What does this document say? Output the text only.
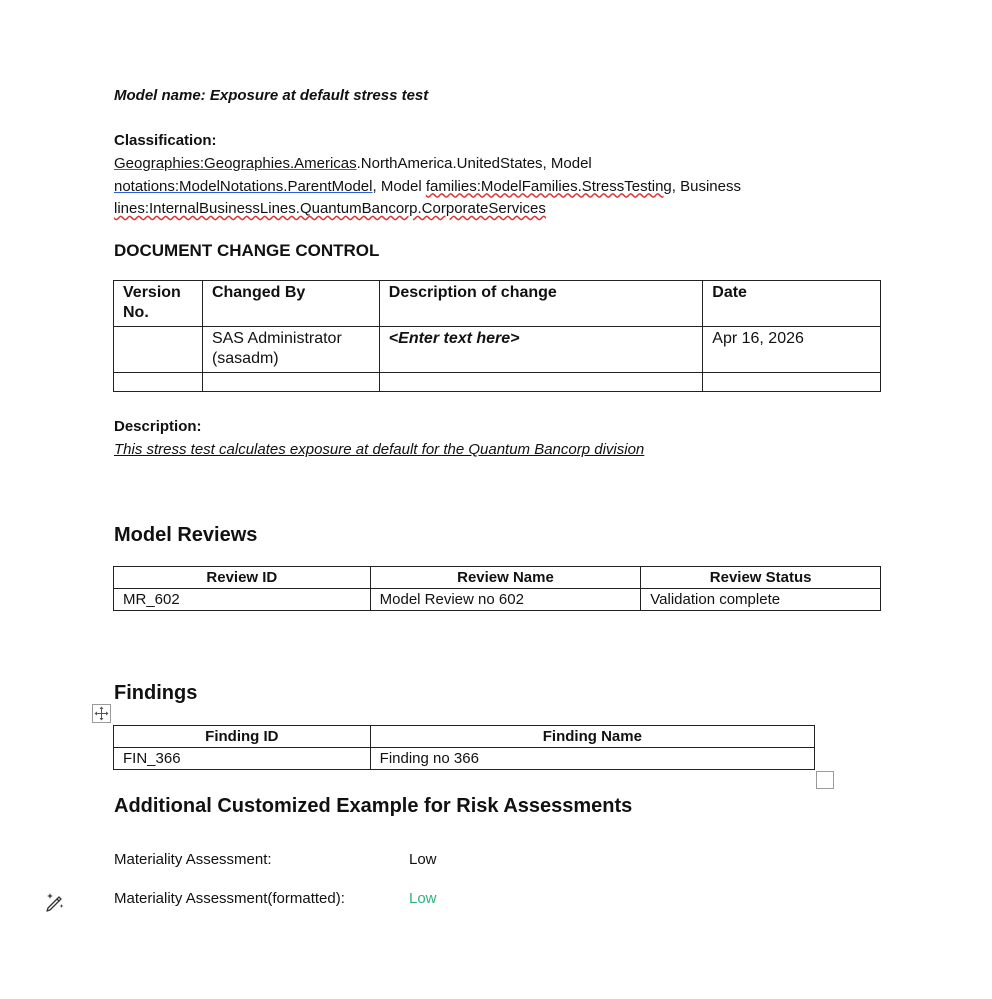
Model name: Exposure at default stress test
Classification:
Geographies:Geographies.Americas.NorthAmerica.UnitedStates, Model
notations:ModelNotations.ParentModel, Model families:ModelFamilies.StressTesting, Business
lines:InternalBusinessLines.QuantumBancorp.CorporateServices
DOCUMENT CHANGE CONTROL
Version No.	Changed By	Description of change	Date
	SAS Administrator (sasadm)	<Enter text here>	Apr 16, 2026

Description:
This stress test calculates exposure at default for the Quantum Bancorp division
Model Reviews
Review ID	Review Name	Review Status
MR_602	Model Review no 602	Validation complete
Findings
Finding ID	Finding Name
FIN_366	Finding no 366
Additional Customized Example for Risk Assessments
Materiality Assessment:	Low
Materiality Assessment(formatted):	Low
